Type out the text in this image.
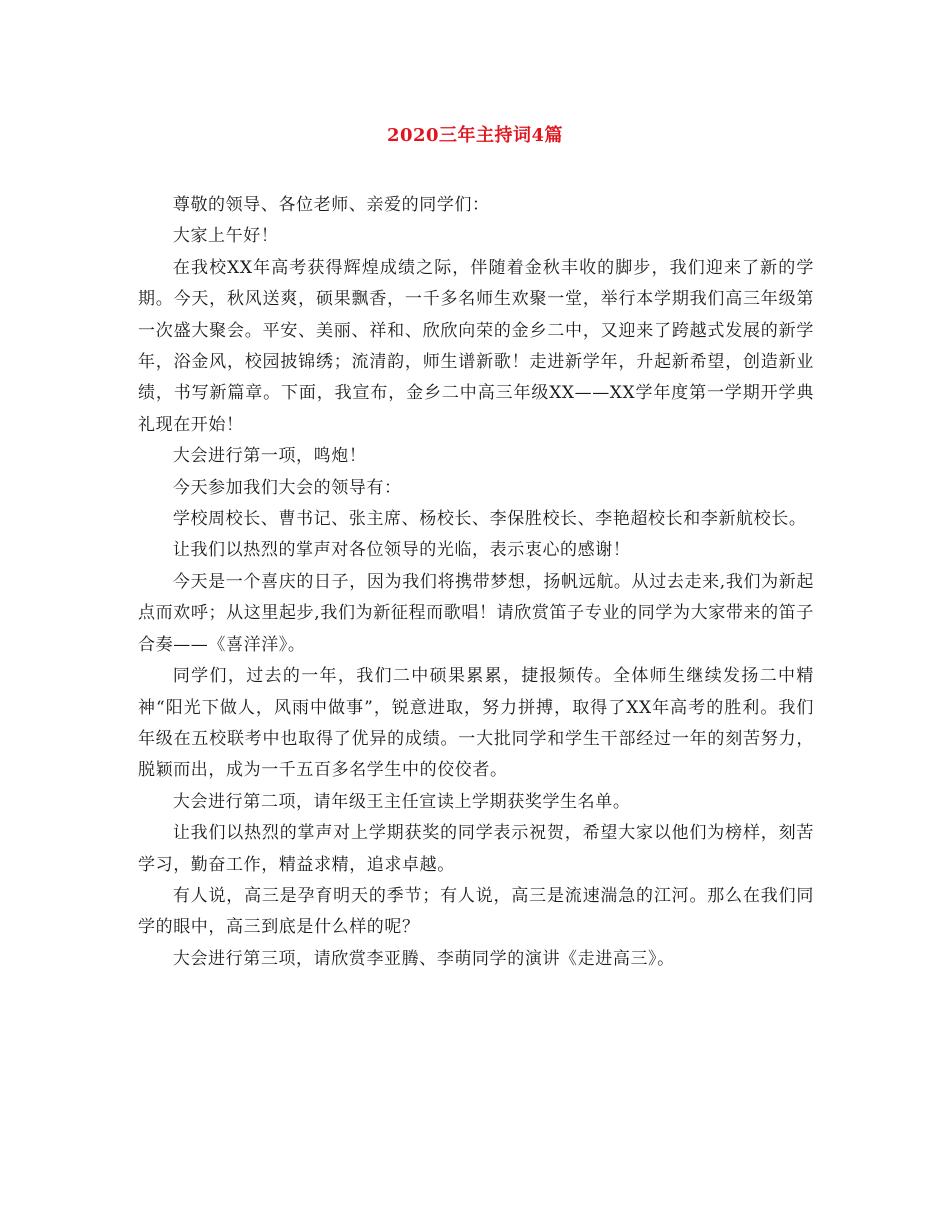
2020三年主持词4篇

尊敬的领导、各位老师、亲爱的同学们：

大家上午好！

在我校XX年高考获得辉煌成绩之际，伴随着金秋丰收的脚步，我们迎来了新的学期。今天，秋风送爽，硕果飘香，一千多名师生欢聚一堂，举行本学期我们高三年级第一次盛大聚会。平安、美丽、祥和、欣欣向荣的金乡二中，又迎来了跨越式发展的新学年，浴金风，校园披锦绣；流清韵，师生谱新歌！走进新学年，升起新希望，创造新业绩，书写新篇章。下面，我宣布，金乡二中高三年级XX——XX学年度第一学期开学典礼现在开始！

大会进行第一项，鸣炮！

今天参加我们大会的领导有：

学校周校长、曹书记、张主席、杨校长、李保胜校长、李艳超校长和李新航校长。

让我们以热烈的掌声对各位领导的光临，表示衷心的感谢！

今天是一个喜庆的日子，因为我们将携带梦想，扬帆远航。从过去走来,我们为新起点而欢呼；从这里起步,我们为新征程而歌唱！请欣赏笛子专业的同学为大家带来的笛子合奏——《喜洋洋》。

同学们，过去的一年，我们二中硕果累累，捷报频传。全体师生继续发扬二中精神“阳光下做人，风雨中做事”，锐意进取，努力拼搏，取得了XX年高考的胜利。我们年级在五校联考中也取得了优异的成绩。一大批同学和学生干部经过一年的刻苦努力，脱颖而出，成为一千五百多名学生中的佼佼者。

大会进行第二项，请年级王主任宣读上学期获奖学生名单。

让我们以热烈的掌声对上学期获奖的同学表示祝贺，希望大家以他们为榜样，刻苦学习，勤奋工作，精益求精，追求卓越。

有人说，高三是孕育明天的季节；有人说，高三是流速湍急的江河。那么在我们同学的眼中，高三到底是什么样的呢？

大会进行第三项，请欣赏李亚腾、李萌同学的演讲《走进高三》。
